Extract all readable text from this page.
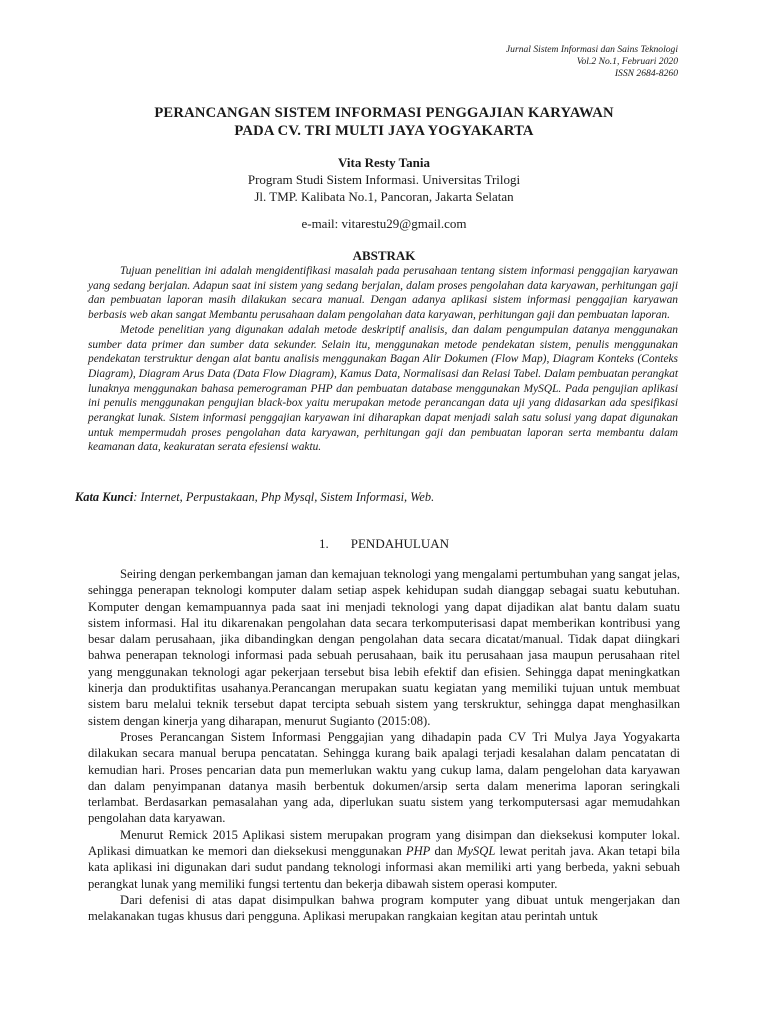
Jurnal Sistem Informasi dan Sains Teknologi
Vol.2 No.1, Februari 2020
ISSN 2684-8260
PERANCANGAN SISTEM INFORMASI PENGGAJIAN KARYAWAN
PADA CV. TRI MULTI JAYA YOGYAKARTA
Vita Resty Tania
Program Studi Sistem Informasi. Universitas Trilogi
Jl. TMP. Kalibata No.1, Pancoran, Jakarta Selatan
e-mail: vitarestu29@gmail.com
ABSTRAK

Tujuan penelitian ini adalah mengidentifikasi masalah pada perusahaan tentang sistem informasi penggajian karyawan yang sedang berjalan. Adapun saat ini sistem yang sedang berjalan, dalam proses pengolahan data karyawan, perhitungan gaji dan pembuatan laporan masih dilakukan secara manual. Dengan adanya aplikasi sistem informasi penggajian karyawan berbasis web akan sangat Membantu perusahaan dalam pengolahan data karyawan, perhitungan gaji dan pembuatan laporan.

Metode penelitian yang digunakan adalah metode deskriptif analisis, dan dalam pengumpulan datanya menggunakan sumber data primer dan sumber data sekunder. Selain itu, menggunakan metode pendekatan sistem, penulis menggunakan pendekatan terstruktur dengan alat bantu analisis menggunakan Bagan Alir Dokumen (Flow Map), Diagram Konteks (Conteks Diagram), Diagram Arus Data (Data Flow Diagram), Kamus Data, Normalisasi dan Relasi Tabel. Dalam pembuatan perangkat lunaknya menggunakan bahasa pemerograman PHP dan pembuatan database menggunakan MySQL. Pada pengujian aplikasi ini penulis menggunakan pengujian black-box yaitu merupakan metode perancangan data uji yang didasarkan ada spesifikasi perangkat lunak. Sistem informasi penggajian karyawan ini diharapkan dapat menjadi salah satu solusi yang dapat digunakan untuk mempermudah proses pengolahan data karyawan, perhitungan gaji dan pembuatan laporan serta membantu dalam keamanan data, keakuratan serata efesiensi waktu.

Kata Kunci: Internet, Perpustakaan, Php Mysql, Sistem Informasi, Web.
1. PENDAHULUAN

Seiring dengan perkembangan jaman dan kemajuan teknologi yang mengalami pertumbuhan yang sangat jelas, sehingga penerapan teknologi komputer dalam setiap aspek kehidupan sudah dianggap sebagai suatu kebutuhan. Komputer dengan kemampuannya pada saat ini menjadi teknologi yang dapat dijadikan alat bantu dalam suatu sistem informasi. Hal itu dikarenakan pengolahan data secara terkomputerisasi dapat memberikan kontribusi yang besar dalam perusahaan, jika dibandingkan dengan pengolahan data secara dicatat/manual. Tidak dapat diingkari bahwa penerapan teknologi informasi pada sebuah perusahaan, baik itu perusahaan jasa maupun perusahaan ritel yang menggunakan teknologi agar pekerjaan tersebut bisa lebih efektif dan efisien. Sehingga dapat meningkatkan kinerja dan produktifitas usahanya.Perancangan merupakan suatu kegiatan yang memiliki tujuan untuk membuat sistem baru melalui teknik tersebut dapat tercipta sebuah sistem yang terskruktur, sehingga dapat menghasilkan sistem dengan kinerja yang diharapan, menurut Sugianto (2015:08).

Proses Perancangan Sistem Informasi Penggajian yang dihadapin pada CV Tri Mulya Jaya Yogyakarta dilakukan secara manual berupa pencatatan. Sehingga kurang baik apalagi terjadi kesalahan dalam pencatatan di kemudian hari. Proses pencarian data pun memerlukan waktu yang cukup lama, dalam pengelohan data karyawan dan dalam penyimpanan datanya masih berbentuk dokumen/arsip serta dalam menerima laporan seringkali terlambat. Berdasarkan pemasalahan yang ada, diperlukan suatu sistem yang terkomputersasi agar memudahkan pengolahan data karyawan.

Menurut Remick 2015 Aplikasi sistem merupakan program yang disimpan dan dieksekusi komputer lokal. Aplikasi dimuatkan ke memori dan dieksekusi menggunakan PHP dan MySQL lewat peritah java. Akan tetapi bila kata aplikasi ini digunakan dari sudut pandang teknologi informasi akan memiliki arti yang berbeda, yakni sebuah perangkat lunak yang memiliki fungsi tertentu dan bekerja dibawah sistem operasi komputer.

Dari defenisi di atas dapat disimpulkan bahwa program komputer yang dibuat untuk mengerjakan dan melakanakan tugas khusus dari pengguna. Aplikasi merupakan rangkaian kegitan atau perintah untuk
